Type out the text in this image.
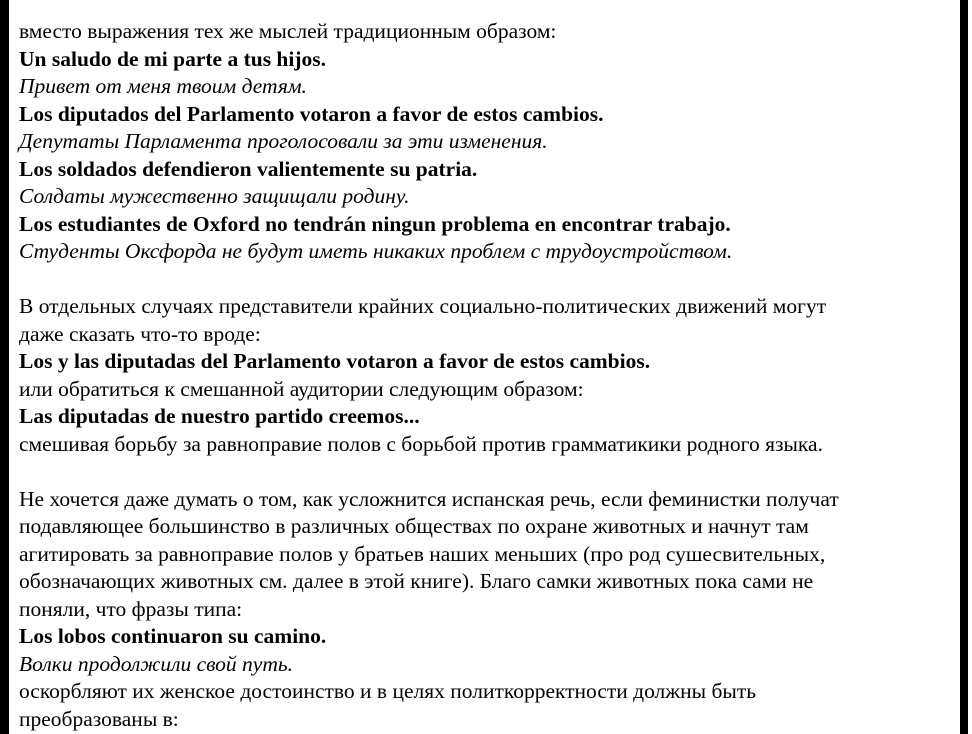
вместо выражения тех же мыслей традиционным образом:
Un saludo de mi parte a tus hijos.
Привет от меня твоим детям.
Los diputados del Parlamento votaron a favor de estos cambios.
Депутаты Парламента проголосовали за эти изменения.
Los soldados defendieron valientemente su patria.
Солдаты мужественно защищали родину.
Los estudiantes de Oxford no tendrán ningun problema en encontrar trabajo.
Студенты Оксфорда не будут иметь никаких проблем с трудоустройством.
В отдельных случаях представители крайних социально-политических движений могут
даже сказать что-то вроде:
Los y las diputadas del Parlamento votaron a favor de estos cambios.
или обратиться к смешанной аудитории следующим образом:
Las diputadas de nuestro partido creemos...
смешивая борьбу за равноправие полов с борьбой против грамматикики родного языка.
Не хочется даже думать о том, как усложнится испанская речь, если феминистки получат
подавляющее большинство в различных обществах по охране животных и начнут там
агитировать за равноправие полов у братьев наших меньших (про род сушесвительных,
обозначающих животных см. далее в этой книге). Благо самки животных пока сами не
поняли, что фразы типа:
Los lobos continuaron su camino.
Волки продолжили свой путь.
оскорбляют их женское достоинство и в целях политкорректности должны быть
преобразованы в:
